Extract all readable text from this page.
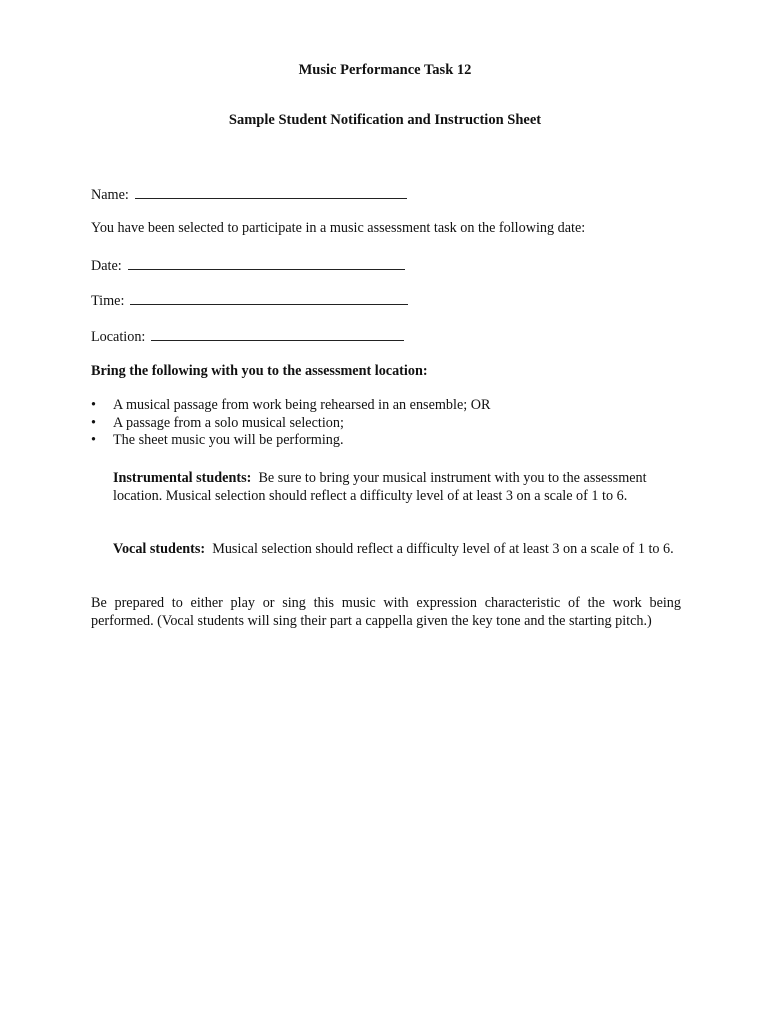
Music Performance Task 12
Sample Student Notification and Instruction Sheet
Name:

You have been selected to participate in a music assessment task on the following date:

Date:
Time:
Location:

Bring the following with you to the assessment location:

• A musical passage from work being rehearsed in an ensemble; OR
• A passage from a solo musical selection;
• The sheet music you will be performing.

Instrumental students: Be sure to bring your musical instrument with you to the assessment location. Musical selection should reflect a difficulty level of at least 3 on a scale of 1 to 6.

Vocal students: Musical selection should reflect a difficulty level of at least 3 on a scale of 1 to 6.

Be prepared to either play or sing this music with expression characteristic of the work being performed. (Vocal students will sing their part a cappella given the key tone and the starting pitch.)
